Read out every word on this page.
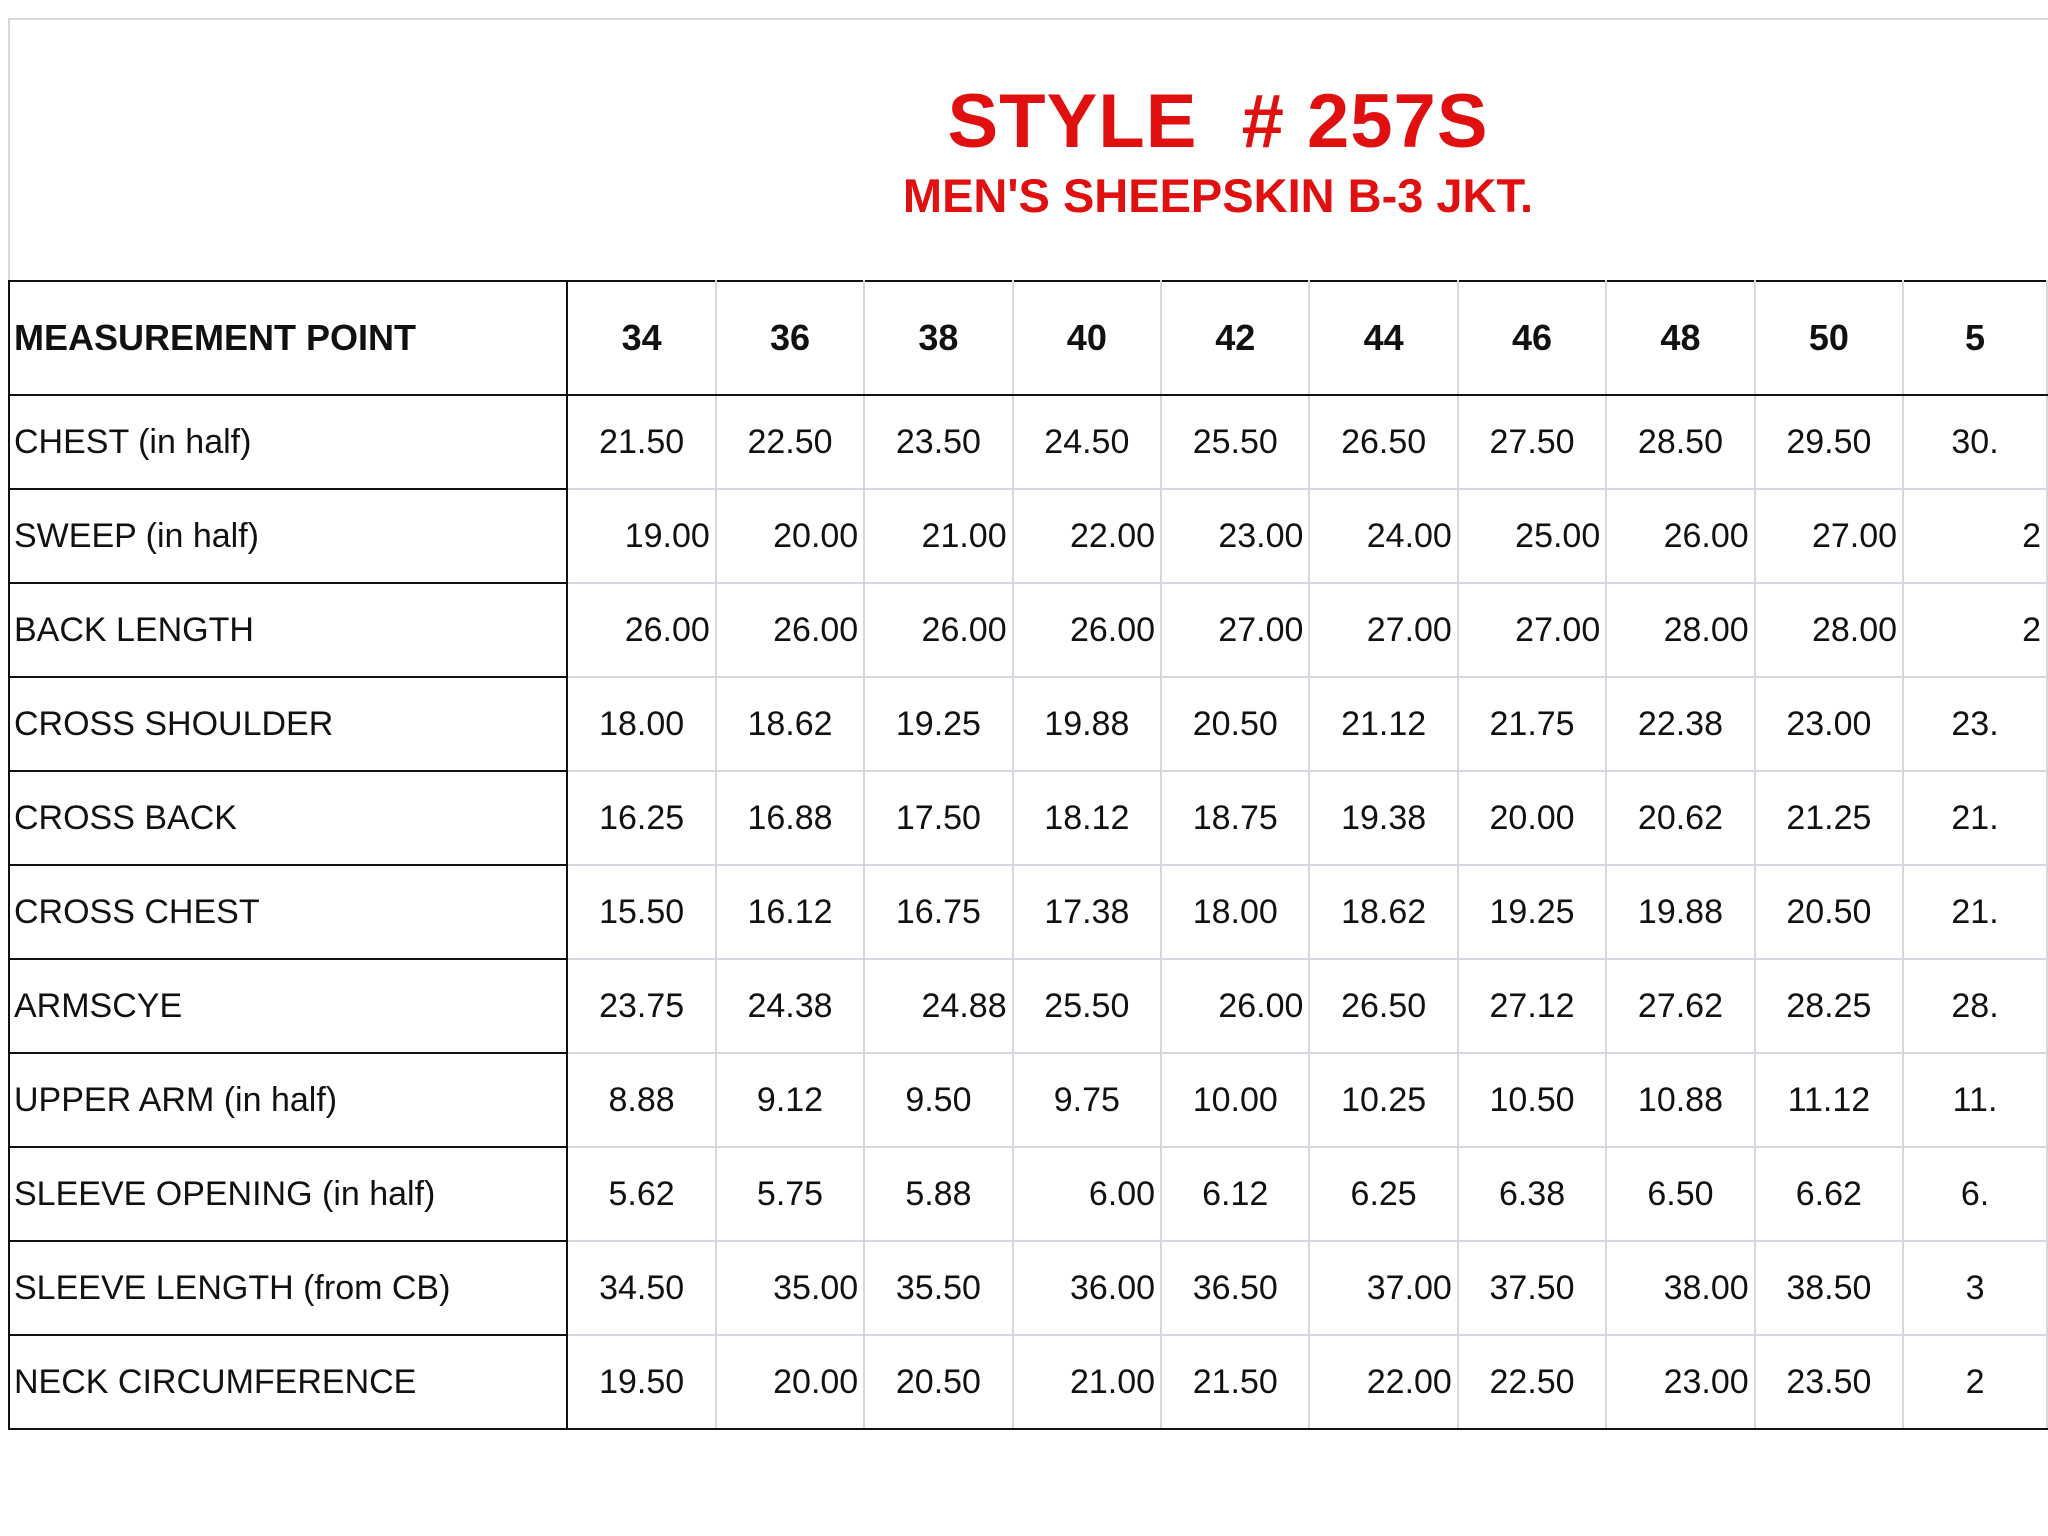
STYLE  # 257S
MEN'S SHEEPSKIN B-3 JKT.
MEASUREMENT POINT	34	36	38	40	42	44	46	48	50	5
CHEST (in half)	21.50	22.50	23.50	24.50	25.50	26.50	27.50	28.50	29.50	30.
SWEEP (in half)	19.00	20.00	21.00	22.00	23.00	24.00	25.00	26.00	27.00	2
BACK LENGTH	26.00	26.00	26.00	26.00	27.00	27.00	27.00	28.00	28.00	2
CROSS SHOULDER	18.00	18.62	19.25	19.88	20.50	21.12	21.75	22.38	23.00	23.
CROSS BACK	16.25	16.88	17.50	18.12	18.75	19.38	20.00	20.62	21.25	21.
CROSS CHEST	15.50	16.12	16.75	17.38	18.00	18.62	19.25	19.88	20.50	21.
ARMSCYE	23.75	24.38	24.88	25.50	26.00	26.50	27.12	27.62	28.25	28.
UPPER ARM (in half)	8.88	9.12	9.50	9.75	10.00	10.25	10.50	10.88	11.12	11.
SLEEVE OPENING (in half)	5.62	5.75	5.88	6.00	6.12	6.25	6.38	6.50	6.62	6.
SLEEVE LENGTH (from CB)	34.50	35.00	35.50	36.00	36.50	37.00	37.50	38.00	38.50	3
NECK CIRCUMFERENCE	19.50	20.00	20.50	21.00	21.50	22.00	22.50	23.00	23.50	2
